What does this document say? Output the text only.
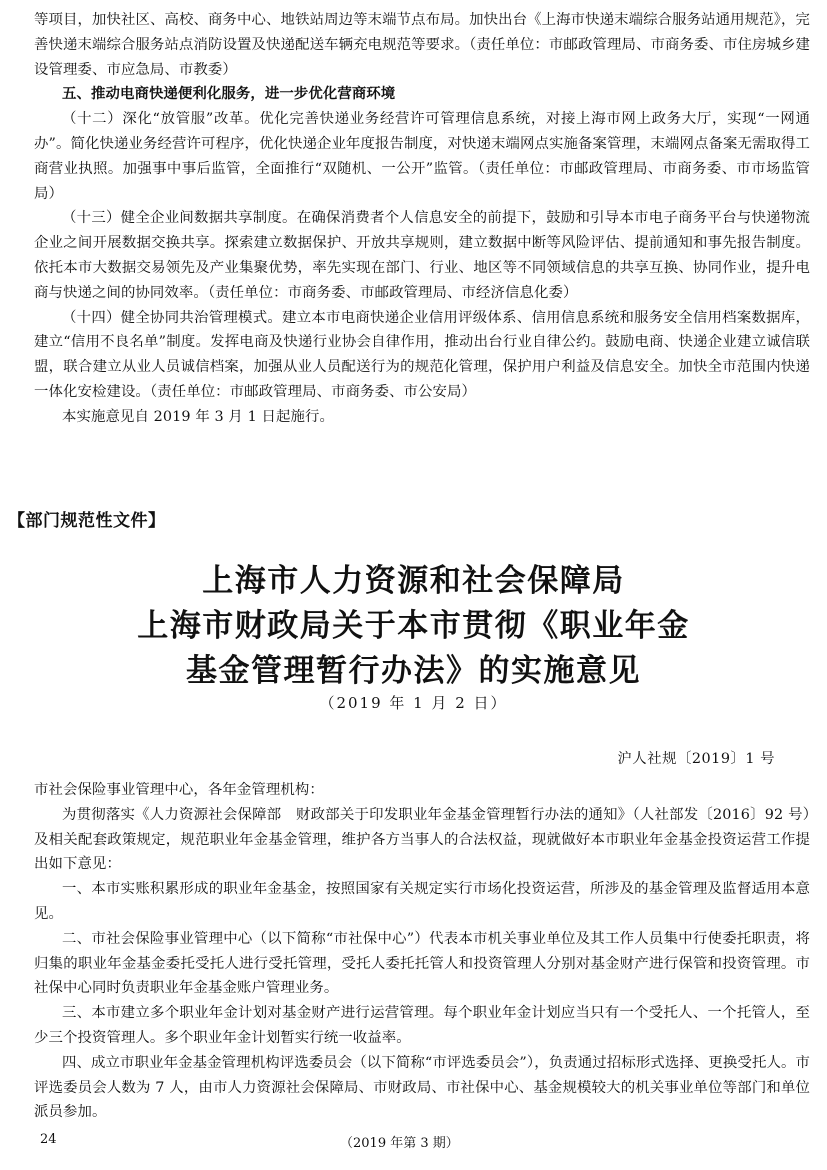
等项目，加快社区、高校、商务中心、地铁站周边等末端节点布局。加快出台《上海市快递末端综合服务站通用规范》，完善快递末端综合服务站点消防设置及快递配送车辆充电规范等要求。（责任单位：市邮政管理局、市商务委、市住房城乡建设管理委、市应急局、市教委）

五、推动电商快递便利化服务，进一步优化营商环境

（十二）深化“放管服”改革。优化完善快递业务经营许可管理信息系统，对接上海市网上政务大厅，实现“一网通办”。简化快递业务经营许可程序，优化快递企业年度报告制度，对快递末端网点实施备案管理，末端网点备案无需取得工商营业执照。加强事中事后监管，全面推行“双随机、一公开”监管。（责任单位：市邮政管理局、市商务委、市市场监管局）

（十三）健全企业间数据共享制度。在确保消费者个人信息安全的前提下，鼓励和引导本市电子商务平台与快递物流企业之间开展数据交换共享。探索建立数据保护、开放共享规则，建立数据中断等风险评估、提前通知和事先报告制度。依托本市大数据交易领先及产业集聚优势，率先实现在部门、行业、地区等不同领域信息的共享互换、协同作业，提升电商与快递之间的协同效率。（责任单位：市商务委、市邮政管理局、市经济信息化委）

（十四）健全协同共治管理模式。建立本市电商快递企业信用评级体系、信用信息系统和服务安全信用档案数据库，建立“信用不良名单”制度。发挥电商及快递行业协会自律作用，推动出台行业自律公约。鼓励电商、快递企业建立诚信联盟，联合建立从业人员诚信档案，加强从业人员配送行为的规范化管理，保护用户利益及信息安全。加快全市范围内快递一体化安检建设。（责任单位：市邮政管理局、市商务委、市公安局）

本实施意见自 2019 年 3 月 1 日起施行。

【部门规范性文件】
上海市人力资源和社会保障局
上海市财政局关于本市贯彻《职业年金
基金管理暂行办法》的实施意见
（2019 年 1 月 2 日）
沪人社规〔2019〕1 号

市社会保险事业管理中心，各年金管理机构：

为贯彻落实《人力资源社会保障部　财政部关于印发职业年金基金管理暂行办法的通知》（人社部发〔2016〕92 号）及相关配套政策规定，规范职业年金基金管理，维护各方当事人的合法权益，现就做好本市职业年金基金投资运营工作提出如下意见：

一、本市实账积累形成的职业年金基金，按照国家有关规定实行市场化投资运营，所涉及的基金管理及监督适用本意见。

二、市社会保险事业管理中心（以下简称“市社保中心”）代表本市机关事业单位及其工作人员集中行使委托职责，将归集的职业年金基金委托受托人进行受托管理，受托人委托托管人和投资管理人分别对基金财产进行保管和投资管理。市社保中心同时负责职业年金基金账户管理业务。

三、本市建立多个职业年金计划对基金财产进行运营管理。每个职业年金计划应当只有一个受托人、一个托管人，至少三个投资管理人。多个职业年金计划暂实行统一收益率。

四、成立市职业年金基金管理机构评选委员会（以下简称“市评选委员会”），负责通过招标形式选择、更换受托人。市评选委员会人数为 7 人，由市人力资源社会保障局、市财政局、市社保中心、基金规模较大的机关事业单位等部门和单位派员参加。

24	（2019 年第 3 期）
